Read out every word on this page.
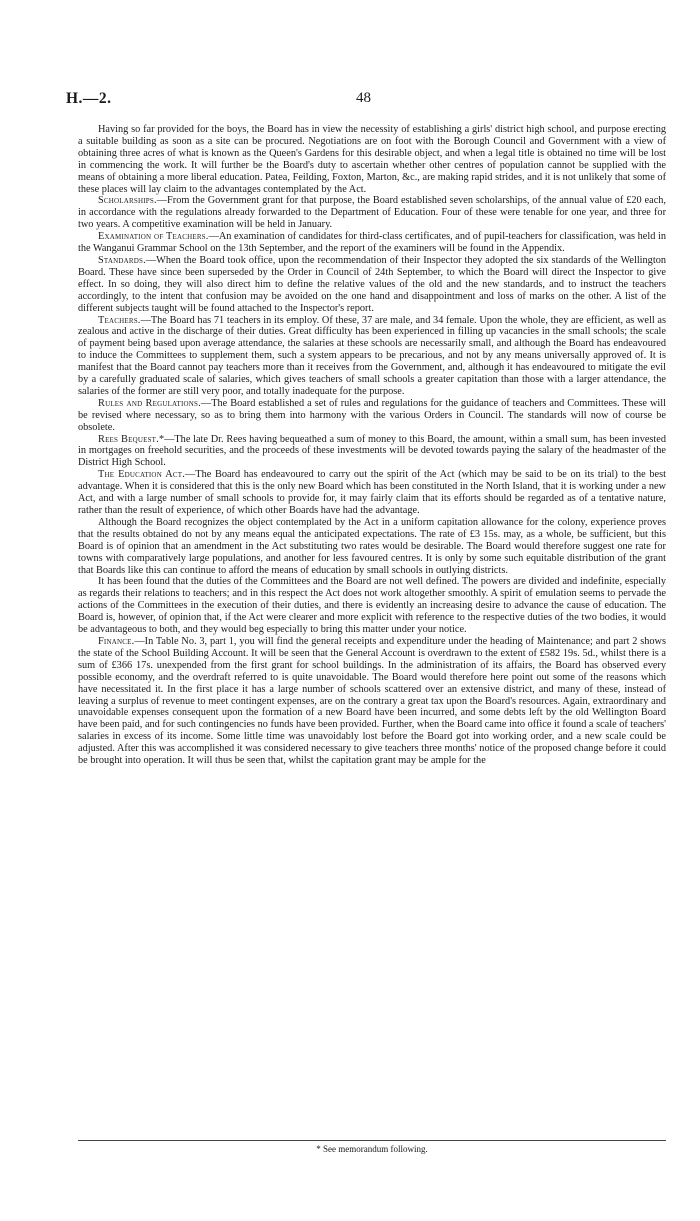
H.—2.	48

Having so far provided for the boys, the Board has in view the necessity of establishing a girls' district high school, and purpose erecting a suitable building as soon as a site can be procured. Negotiations are on foot with the Borough Council and Government with a view of obtaining three acres of what is known as the Queen's Gardens for this desirable object, and when a legal title is obtained no time will be lost in commencing the work. It will further be the Board's duty to ascertain whether other centres of population cannot be supplied with the means of obtaining a more liberal education. Patea, Feilding, Foxton, Marton, &c., are making rapid strides, and it is not unlikely that some of these places will lay claim to the advantages contemplated by the Act.

Scholarships.—From the Government grant for that purpose, the Board established seven scholarships, of the annual value of £20 each, in accordance with the regulations already forwarded to the Department of Education. Four of these were tenable for one year, and three for two years. A competitive examination will be held in January.

Examination of Teachers.—An examination of candidates for third-class certificates, and of pupil-teachers for classification, was held in the Wanganui Grammar School on the 13th September, and the report of the examiners will be found in the Appendix.

Standards.—When the Board took office, upon the recommendation of their Inspector they adopted the six standards of the Wellington Board. These have since been superseded by the Order in Council of 24th September, to which the Board will direct the Inspector to give effect. In so doing, they will also direct him to define the relative values of the old and the new standards, and to instruct the teachers accordingly, to the intent that confusion may be avoided on the one hand and disappointment and loss of marks on the other. A list of the different subjects taught will be found attached to the Inspector's report.

Teachers.—The Board has 71 teachers in its employ. Of these, 37 are male, and 34 female. Upon the whole, they are efficient, as well as zealous and active in the discharge of their duties. Great difficulty has been experienced in filling up vacancies in the small schools; the scale of payment being based upon average attendance, the salaries at these schools are necessarily small, and although the Board has endeavoured to induce the Committees to supplement them, such a system appears to be precarious, and not by any means universally approved of. It is manifest that the Board cannot pay teachers more than it receives from the Government, and, although it has endeavoured to mitigate the evil by a carefully graduated scale of salaries, which gives teachers of small schools a greater capitation than those with a larger attendance, the salaries of the former are still very poor, and totally inadequate for the purpose.

Rules and Regulations.—The Board established a set of rules and regulations for the guidance of teachers and Committees. These will be revised where necessary, so as to bring them into harmony with the various Orders in Council. The standards will now of course be obsolete.

Rees Bequest.*—The late Dr. Rees having bequeathed a sum of money to this Board, the amount, within a small sum, has been invested in mortgages on freehold securities, and the proceeds of these investments will be devoted towards paying the salary of the headmaster of the District High School.

The Education Act.—The Board has endeavoured to carry out the spirit of the Act (which may be said to be on its trial) to the best advantage. When it is considered that this is the only new Board which has been constituted in the North Island, that it is working under a new Act, and with a large number of small schools to provide for, it may fairly claim that its efforts should be regarded as of a tentative nature, rather than the result of experience, of which other Boards have had the advantage.

Although the Board recognizes the object contemplated by the Act in a uniform capitation allowance for the colony, experience proves that the results obtained do not by any means equal the anticipated expectations. The rate of £3 15s. may, as a whole, be sufficient, but this Board is of opinion that an amendment in the Act substituting two rates would be desirable. The Board would therefore suggest one rate for towns with comparatively large populations, and another for less favoured centres. It is only by some such equitable distribution of the grant that Boards like this can continue to afford the means of education by small schools in outlying districts.

It has been found that the duties of the Committees and the Board are not well defined. The powers are divided and indefinite, especially as regards their relations to teachers; and in this respect the Act does not work altogether smoothly. A spirit of emulation seems to pervade the actions of the Committees in the execution of their duties, and there is evidently an increasing desire to advance the cause of education. The Board is, however, of opinion that, if the Act were clearer and more explicit with reference to the respective duties of the two bodies, it would be advantageous to both, and they would beg especially to bring this matter under your notice.

Finance.—In Table No. 3, part 1, you will find the general receipts and expenditure under the heading of Maintenance; and part 2 shows the state of the School Building Account. It will be seen that the General Account is overdrawn to the extent of £582 19s. 5d., whilst there is a sum of £366 17s. unexpended from the first grant for school buildings. In the administration of its affairs, the Board has observed every possible economy, and the overdraft referred to is quite unavoidable. The Board would therefore here point out some of the reasons which have necessitated it. In the first place it has a large number of schools scattered over an extensive district, and many of these, instead of leaving a surplus of revenue to meet contingent expenses, are on the contrary a great tax upon the Board's resources. Again, extraordinary and unavoidable expenses consequent upon the formation of a new Board have been incurred, and some debts left by the old Wellington Board have been paid, and for such contingencies no funds have been provided. Further, when the Board came into office it found a scale of teachers' salaries in excess of its income. Some little time was unavoidably lost before the Board got into working order, and a new scale could be adjusted. After this was accomplished it was considered necessary to give teachers three months' notice of the proposed change before it could be brought into operation. It will thus be seen that, whilst the capitation grant may be ample for the

* See memorandum following.
